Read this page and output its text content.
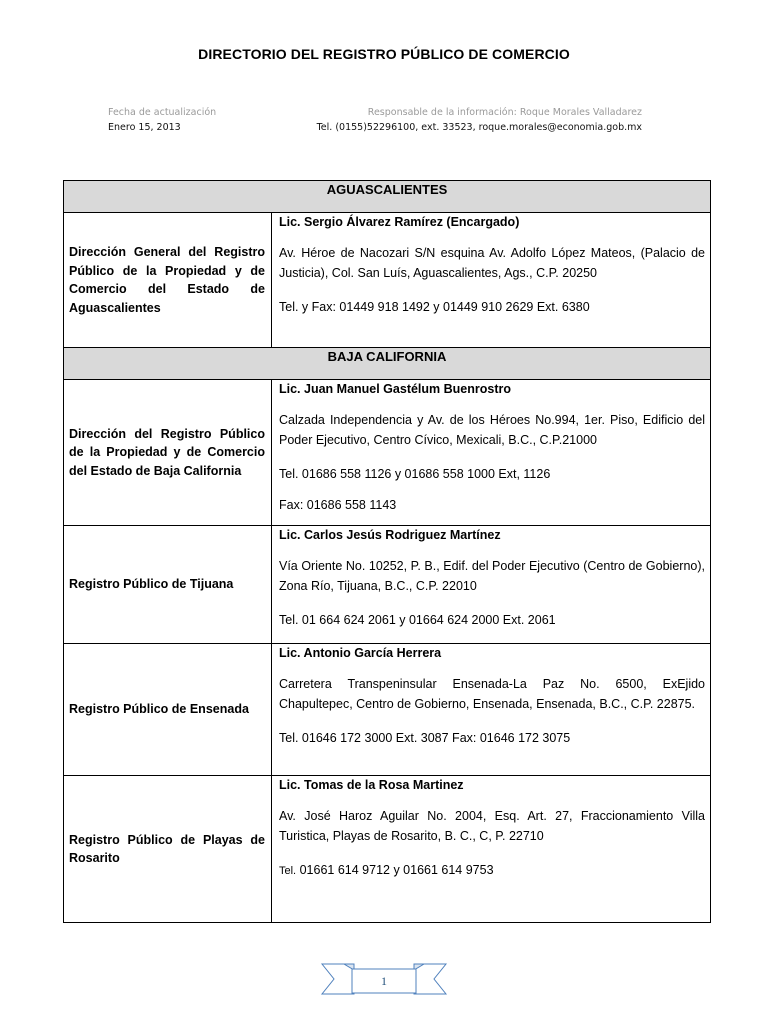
DIRECTORIO DEL REGISTRO PÚBLICO DE COMERCIO
Fecha de actualización
Enero 15, 2013
Responsable de la información: Roque Morales Valladarez
Tel. (0155)52296100, ext. 33523, roque.morales@economia.gob.mx
AGUASCALIENTES	

Dirección General del Registro Público de la Propiedad y de Comercio del Estado de Aguascalientes	Lic. Sergio Álvarez Ramírez (Encargado)
Av. Héroe de Nacozari S/N esquina Av. Adolfo López Mateos, (Palacio de Justicia), Col. San Luís, Aguascalientes, Ags., C.P. 20250
Tel. y Fax: 01449 918 1492 y 01449 910 2629 Ext. 6380

BAJA CALIFORNIA	

Dirección del Registro Público de la Propiedad y de Comercio del Estado de Baja California	Lic. Juan Manuel Gastélum Buenrostro
Calzada Independencia y Av. de los Héroes No.994, 1er. Piso, Edificio del Poder Ejecutivo, Centro Cívico, Mexicali, B.C., C.P.21000
Tel. 01686 558 1126 y 01686 558 1000 Ext, 1126
Fax: 01686 558 1143

Registro Público de Tijuana	Lic. Carlos Jesús Rodriguez Martínez
Vía Oriente No. 10252, P. B., Edif. del Poder Ejecutivo (Centro de Gobierno), Zona Río, Tijuana, B.C., C.P. 22010
Tel. 01 664 624 2061 y 01664 624 2000 Ext. 2061

Registro Público de Ensenada	Lic. Antonio García Herrera
Carretera Transpeninsular Ensenada-La Paz No. 6500, ExEjido Chapultepec, Centro de Gobierno, Ensenada, Ensenada, B.C., C.P. 22875.
Tel. 01646 172 3000 Ext. 3087 Fax: 01646 172 3075

Registro Público de Playas de Rosarito	Lic. Tomas de la Rosa Martinez
Av. José Haroz Aguilar No. 2004, Esq. Art. 27, Fraccionamiento Villa Turistica, Playas de Rosarito, B. C., C, P. 22710
Tel. 01661 614 9712 y 01661 614 9753
1
